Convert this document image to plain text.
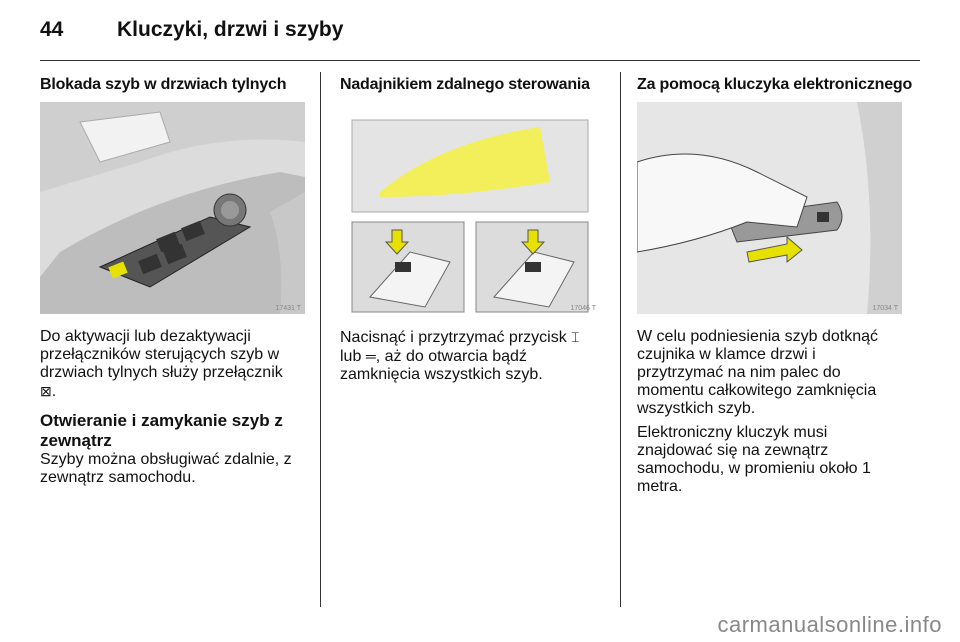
44	Kluczyki, drzwi i szyby
Blokada szyb w drzwiach tylnych
17431 T

Do aktywacji lub dezaktywacji przełączników sterujących szyb w drzwiach tylnych służy przełącznik
⊠.

Otwieranie i zamykanie szyb z zewnątrz

Szyby można obsługiwać zdalnie, z zewnątrz samochodu.

Nadajnikiem zdalnego sterowania
17046 T

Nacisnąć i przytrzymać przycisk ⌶
lub ═, aż do otwarcia bądź zamknięcia wszystkich szyb.

Za pomocą kluczyka elektronicznego
17034 T

W celu podniesienia szyb dotknąć czujnika w klamce drzwi i przytrzymać na nim palec do momentu całkowitego zamknięcia wszystkich szyb.

Elektroniczny kluczyk musi znajdować się na zewnątrz samochodu, w promieniu około 1 metra.

carmanualsonline.info
